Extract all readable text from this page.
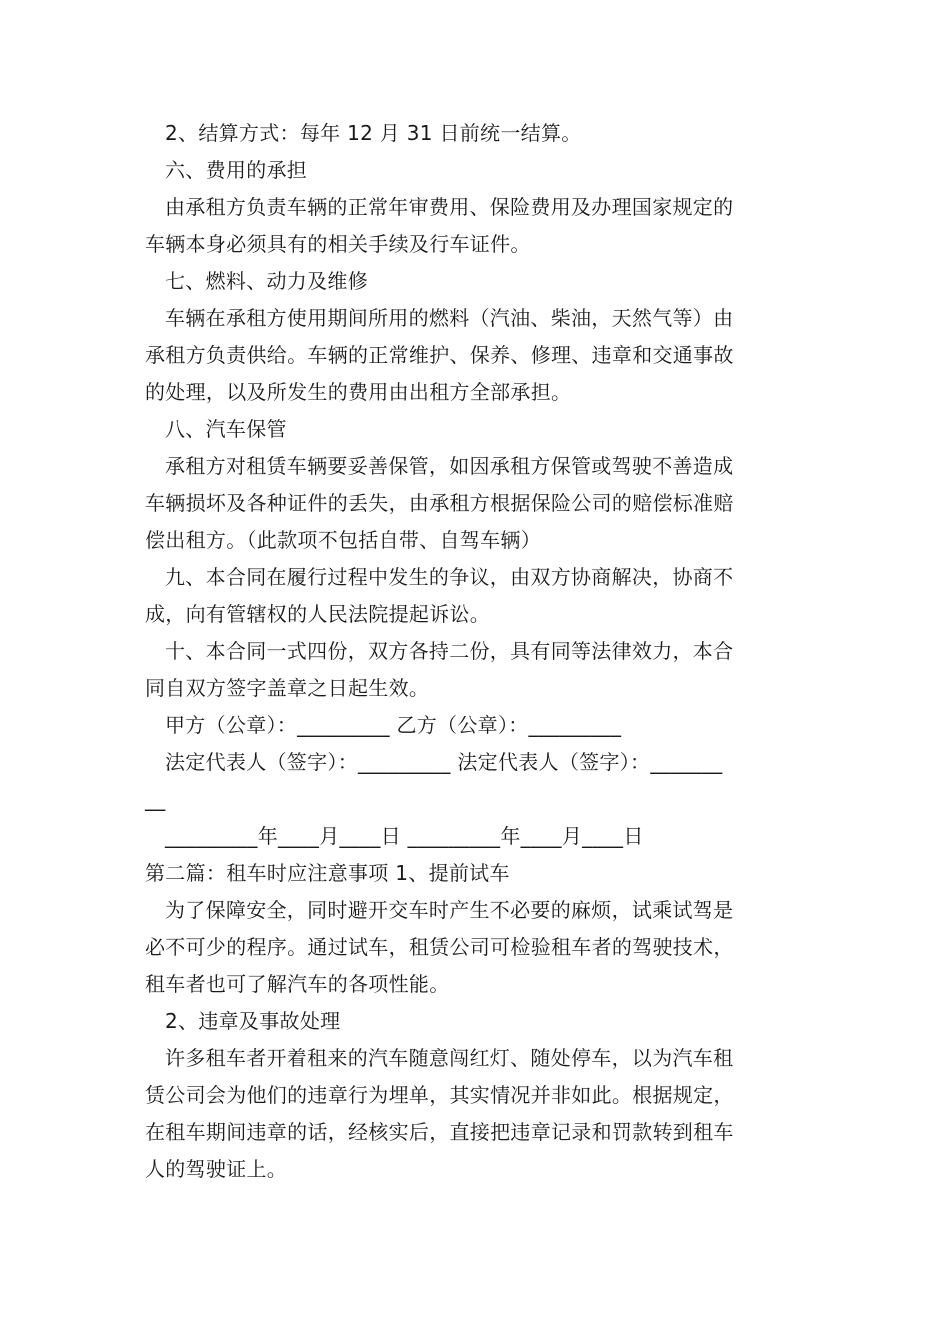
2、结算方式：每年 12 月 31 日前统一结算。
六、费用的承担
由承租方负责车辆的正常年审费用、保险费用及办理国家规定的
车辆本身必须具有的相关手续及行车证件。
七、燃料、动力及维修
车辆在承租方使用期间所用的燃料（汽油、柴油，天然气等）由
承租方负责供给。车辆的正常维护、保养、修理、违章和交通事故
的处理，以及所发生的费用由出租方全部承担。
八、汽车保管
承租方对租赁车辆要妥善保管，如因承租方保管或驾驶不善造成
车辆损坏及各种证件的丢失，由承租方根据保险公司的赔偿标准赔
偿出租方。（此款项不包括自带、自驾车辆）
九、本合同在履行过程中发生的争议，由双方协商解决，协商不
成，向有管辖权的人民法院提起诉讼。
十、本合同一式四份，双方各持二份，具有同等法律效力，本合
同自双方签字盖章之日起生效。
甲方（公章）：_________ 乙方（公章）：_________
法定代表人（签字）：_________ 法定代表人（签字）：_______
__
_________年____月____日 _________年____月____日
第二篇：租车时应注意事项 1、提前试车
为了保障安全，同时避开交车时产生不必要的麻烦，试乘试驾是
必不可少的程序。通过试车，租赁公司可检验租车者的驾驶技术，
租车者也可了解汽车的各项性能。
2、违章及事故处理
许多租车者开着租来的汽车随意闯红灯、随处停车，以为汽车租
赁公司会为他们的违章行为埋单，其实情况并非如此。根据规定，
在租车期间违章的话，经核实后，直接把违章记录和罚款转到租车
人的驾驶证上。
